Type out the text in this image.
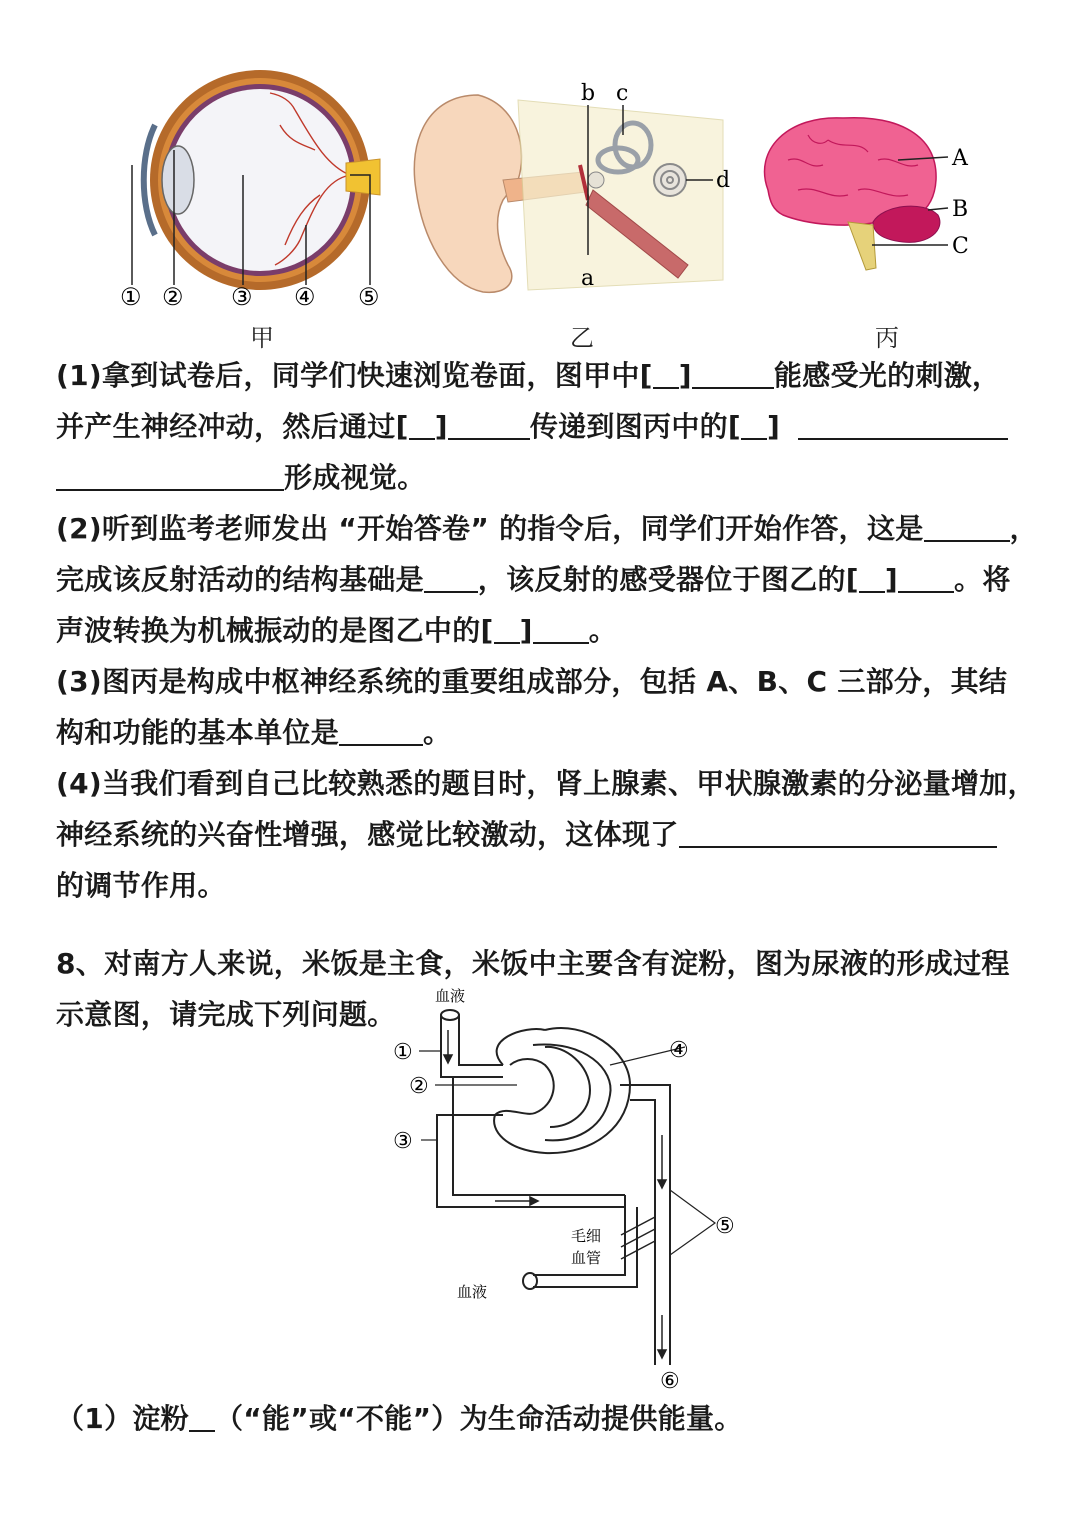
① ② ③ ④ ⑤
甲
b c
d
a
乙
A
B
C
丙
(1)拿到试卷后，同学们快速浏览卷面，图甲中[ ]	能感受光的刺激，
并产生神经冲动，然后通过[ ]	传递到图丙中的[ ]
形成视觉。
(2)听到监考老师发出 “开始答卷” 的指令后，同学们开始作答，这是	，
完成该反射活动的结构基础是 ，该反射的感受器位于图乙的[ ] 。将
声波转换为机械振动的是图乙中的[ ] 。
(3)图丙是构成中枢神经系统的重要组成部分，包括 A、B、C 三部分，其结
构和功能的基本单位是	。
(4)当我们看到自己比较熟悉的题目时，肾上腺素、甲状腺激素的分泌量增加，
神经系统的兴奋性增强，感觉比较激动，这体现了
的调节作用。
8、对南方人来说，米饭是主食，米饭中主要含有淀粉，图为尿液的形成过程
示意图，请完成下列问题。
血液
毛细
血管
血液
①
②
③
④
⑤
⑥
（1）淀粉 （“能”或“不能”）为生命活动提供能量。
